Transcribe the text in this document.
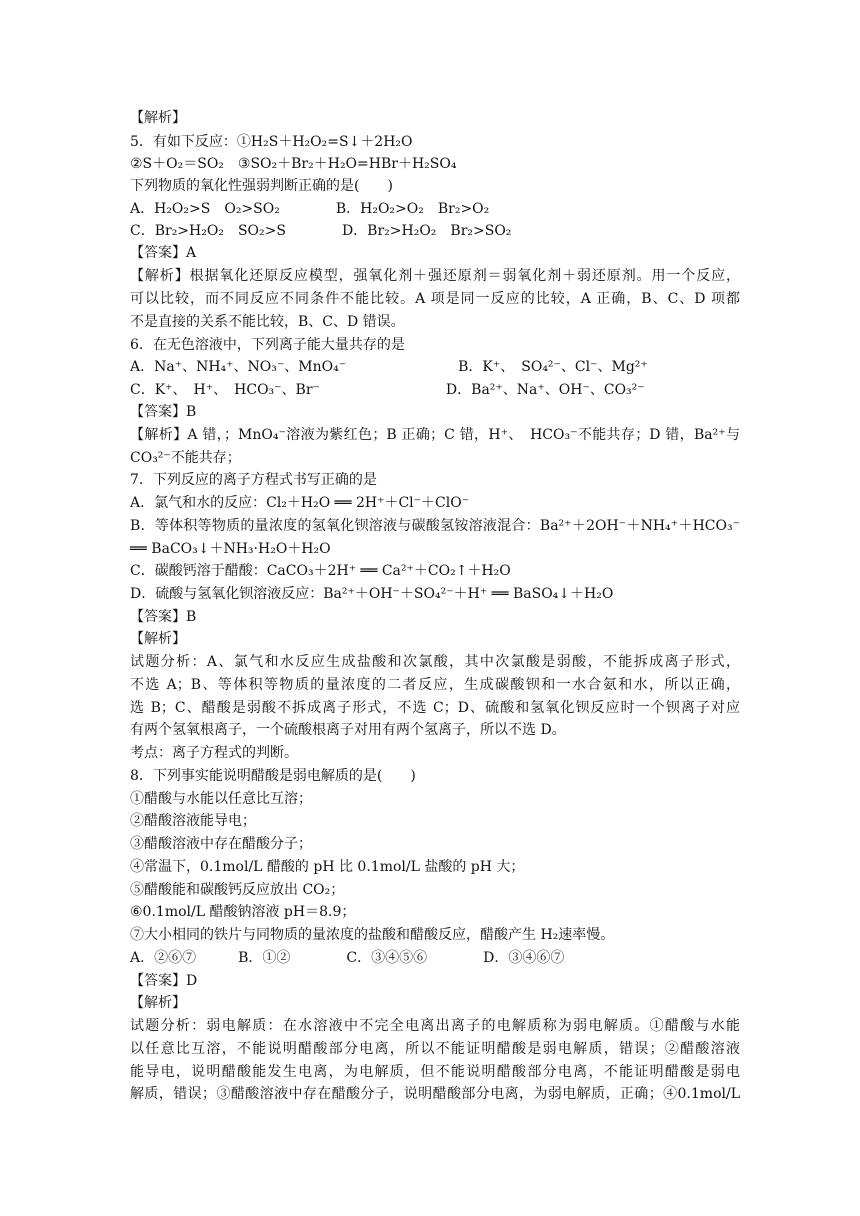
【解析】
5．有如下反应：①H₂S＋H₂O₂=S↓＋2H₂O
②S＋O₂＝SO₂　③SO₂＋Br₂＋H₂O=HBr＋H₂SO₄
下列物质的氧化性强弱判断正确的是(　　)
A．H₂O₂>S　O₂>SO₂　　　　B．H₂O₂>O₂　Br₂>O₂
C．Br₂>H₂O₂　SO₂>S　　　　D．Br₂>H₂O₂　Br₂>SO₂
【答案】A
【解析】根据氧化还原反应模型，强氧化剂＋强还原剂＝弱氧化剂＋弱还原剂。用一个反应，
可以比较，而不同反应不同条件不能比较。A 项是同一反应的比较，A 正确，B、C、D 项都
不是直接的关系不能比较，B、C、D 错误。
6．在无色溶液中，下列离子能大量共存的是
A．Na⁺、NH₄⁺、NO₃⁻、MnO₄⁻　　　　　　　　B．K⁺、　SO₄²⁻、Cl⁻、Mg²⁺
C．K⁺、　H⁺、　HCO₃⁻、Br⁻　　　　　　　　　D．Ba²⁺、Na⁺、OH⁻、CO₃²⁻
【答案】B
【解析】A 错，；MnO₄⁻溶液为紫红色；B 正确；C 错，H⁺、　HCO₃⁻不能共存；D 错，Ba²⁺与
CO₃²⁻不能共存；
7．下列反应的离子方程式书写正确的是
A．氯气和水的反应：Cl₂＋H₂O ══ 2H⁺＋Cl⁻＋ClO⁻
B．等体积等物质的量浓度的氢氧化钡溶液与碳酸氢铵溶液混合：Ba²⁺＋2OH⁻＋NH₄⁺＋HCO₃⁻
══ BaCO₃↓＋NH₃·H₂O＋H₂O
C．碳酸钙溶于醋酸：CaCO₃＋2H⁺ ══ Ca²⁺＋CO₂↑＋H₂O
D．硫酸与氢氧化钡溶液反应：Ba²⁺＋OH⁻＋SO₄²⁻＋H⁺ ══ BaSO₄↓＋H₂O
【答案】B
【解析】
试题分析：A、氯气和水反应生成盐酸和次氯酸，其中次氯酸是弱酸，不能拆成离子形式，
不选 A；B、等体积等物质的量浓度的二者反应，生成碳酸钡和一水合氨和水，所以正确，
选 B；C、醋酸是弱酸不拆成离子形式，不选 C；D、硫酸和氢氧化钡反应时一个钡离子对应
有两个氢氧根离子，一个硫酸根离子对用有两个氢离子，所以不选 D。
考点：离子方程式的判断。
8．下列事实能说明醋酸是弱电解质的是(　　)
①醋酸与水能以任意比互溶；
②醋酸溶液能导电；
③醋酸溶液中存在醋酸分子；
④常温下，0.1mol/L 醋酸的 pH 比 0.1mol/L 盐酸的 pH 大；
⑤醋酸能和碳酸钙反应放出 CO₂；
⑥0.1mol/L 醋酸钠溶液 pH＝8.9；
⑦大小相同的铁片与同物质的量浓度的盐酸和醋酸反应，醋酸产生 H₂速率慢。
A．②⑥⑦　　　B．①②　　　　C．③④⑤⑥　　　　D．③④⑥⑦
【答案】D
【解析】
试题分析：弱电解质：在水溶液中不完全电离出离子的电解质称为弱电解质。①醋酸与水能
以任意比互溶，不能说明醋酸部分电离，所以不能证明醋酸是弱电解质，错误；②醋酸溶液
能导电，说明醋酸能发生电离，为电解质，但不能说明醋酸部分电离，不能证明醋酸是弱电
解质，错误；③醋酸溶液中存在醋酸分子，说明醋酸部分电离，为弱电解质，正确；④0.1mol/L
